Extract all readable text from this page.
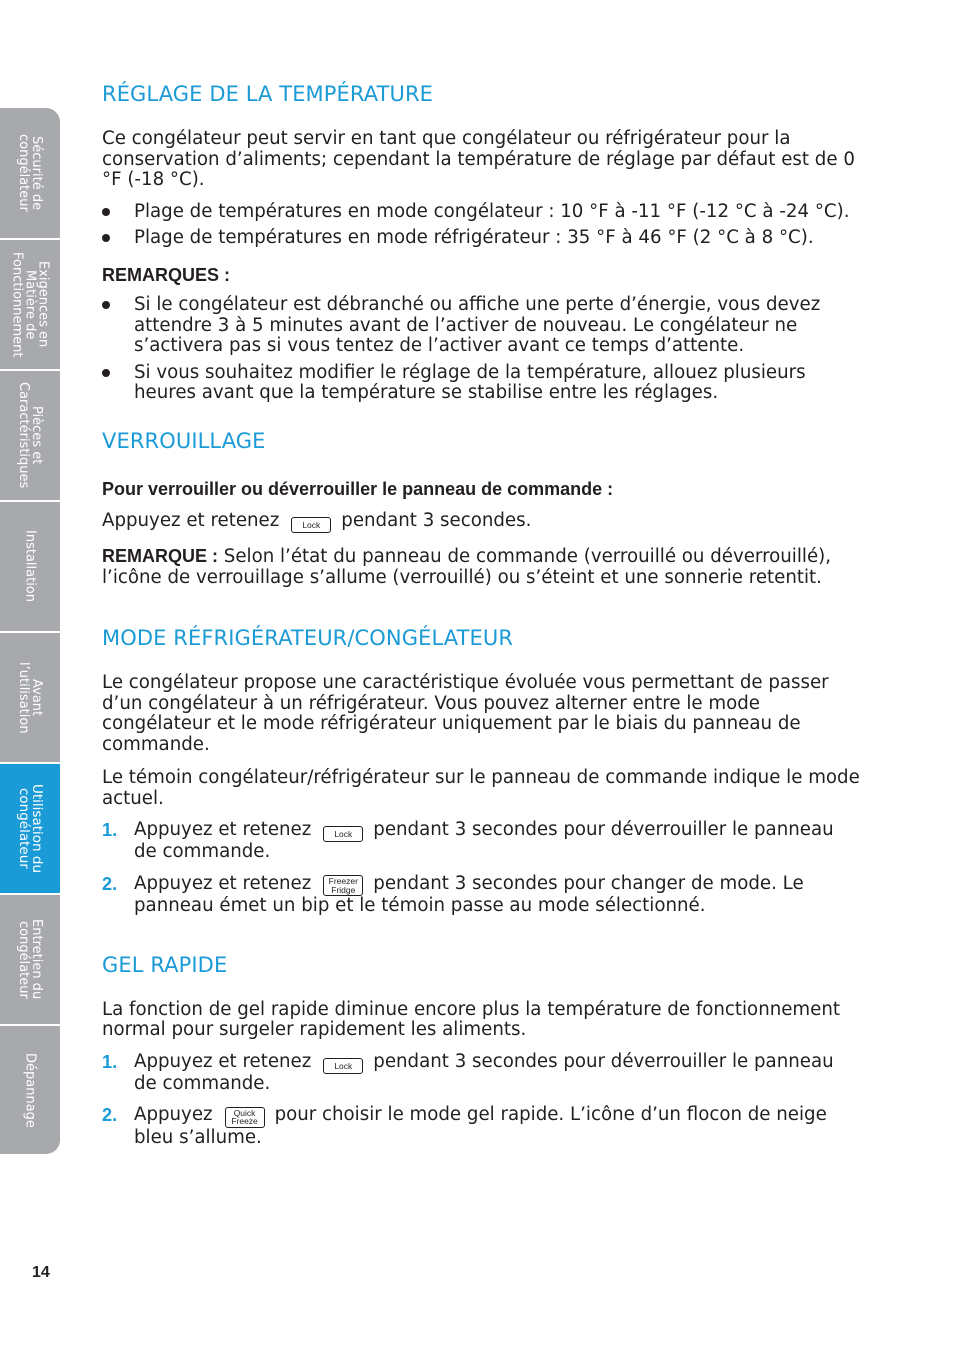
Sécurité de
congélateur
Exigences en
Matière de
Fonctionnement
Pièces et
Caractéristiques
Installation
Avant
l’utilisation
Utilisation du
congélateur
Entretien du
congélateur
Dépannage
RÉGLAGE DE LA TEMPÉRATURE

Ce congélateur peut servir en tant que congélateur ou réfrigérateur pour la conservation d’aliments; cependant la température de réglage par défaut est de 0 °F (-18 °C).

Plage de températures en mode congélateur : 10 °F à -11 °F (-12 °C à -24 °C).
Plage de températures en mode réfrigérateur : 35 °F à 46 °F (2 °C à 8 °C).

REMARQUES :

Si le congélateur est débranché ou affiche une perte d’énergie, vous devez attendre 3 à 5 minutes avant de l’activer de nouveau. Le congélateur ne s’activera pas si vous tentez de l’activer avant ce temps d’attente.
Si vous souhaitez modifier le réglage de la température, allouez plusieurs heures avant que la température se stabilise entre les réglages.
VERROUILLAGE

Pour verrouiller ou déverrouiller le panneau de commande :

Appuyez et retenez	Lock pendant 3 secondes.

REMARQUE : Selon l’état du panneau de commande (verrouillé ou déverrouillé), l’icône de verrouillage s’allume (verrouillé) ou s’éteint et une sonnerie retentit.

MODE RÉFRIGÉRATEUR/CONGÉLATEUR

Le congélateur propose une caractéristique évoluée vous permettant de passer d’un congélateur à un réfrigérateur. Vous pouvez alterner entre le mode congélateur et le mode réfrigérateur uniquement par le biais du panneau de commande.

Le témoin congélateur/réfrigérateur sur le panneau de commande indique le mode actuel.

1. Appuyez et retenez	Lock pendant 3 secondes pour déverrouiller le panneau de commande.
2. Appuyez et retenez Freezer
Fridge pendant 3 secondes pour changer de mode. Le panneau émet un bip et le témoin passe au mode sélectionné.
GEL RAPIDE

La fonction de gel rapide diminue encore plus la température de fonctionnement normal pour surgeler rapidement les aliments.

1. Appuyez et retenez	Lock pendant 3 secondes pour déverrouiller le panneau de commande.
2. Appuyez Quick
Freeze pour choisir le mode gel rapide. L’icône d’un flocon de neige bleu s’allume.
14
